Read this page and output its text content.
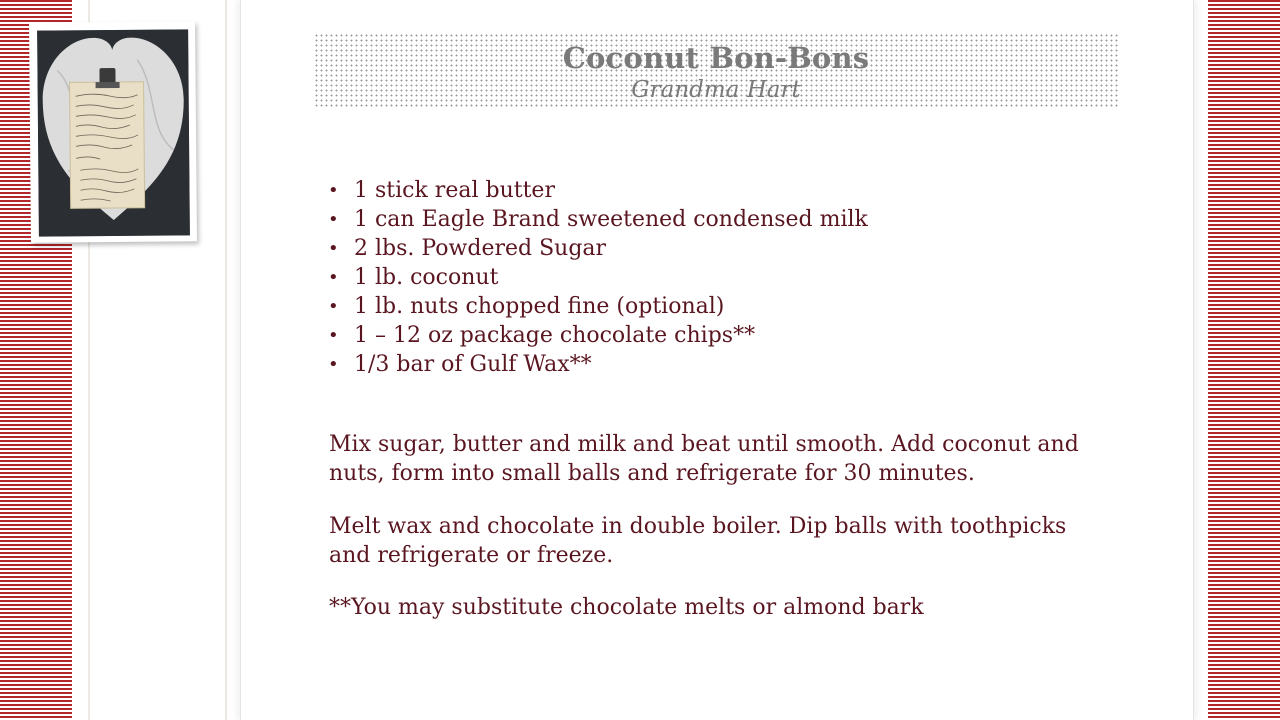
Coconut Bon-Bons
Grandma Hart
• 1 stick real butter
• 1 can Eagle Brand sweetened condensed milk
• 2 lbs. Powdered Sugar
• 1 lb. coconut
• 1 lb. nuts chopped fine (optional)
• 1 – 12 oz package chocolate chips**
• 1/3 bar of Gulf Wax**

Mix sugar, butter and milk and beat until smooth. Add coconut and nuts, form into small balls and refrigerate for 30 minutes.

Melt wax and chocolate in double boiler. Dip balls with toothpicks and refrigerate or freeze.

**You may substitute chocolate melts or almond bark
